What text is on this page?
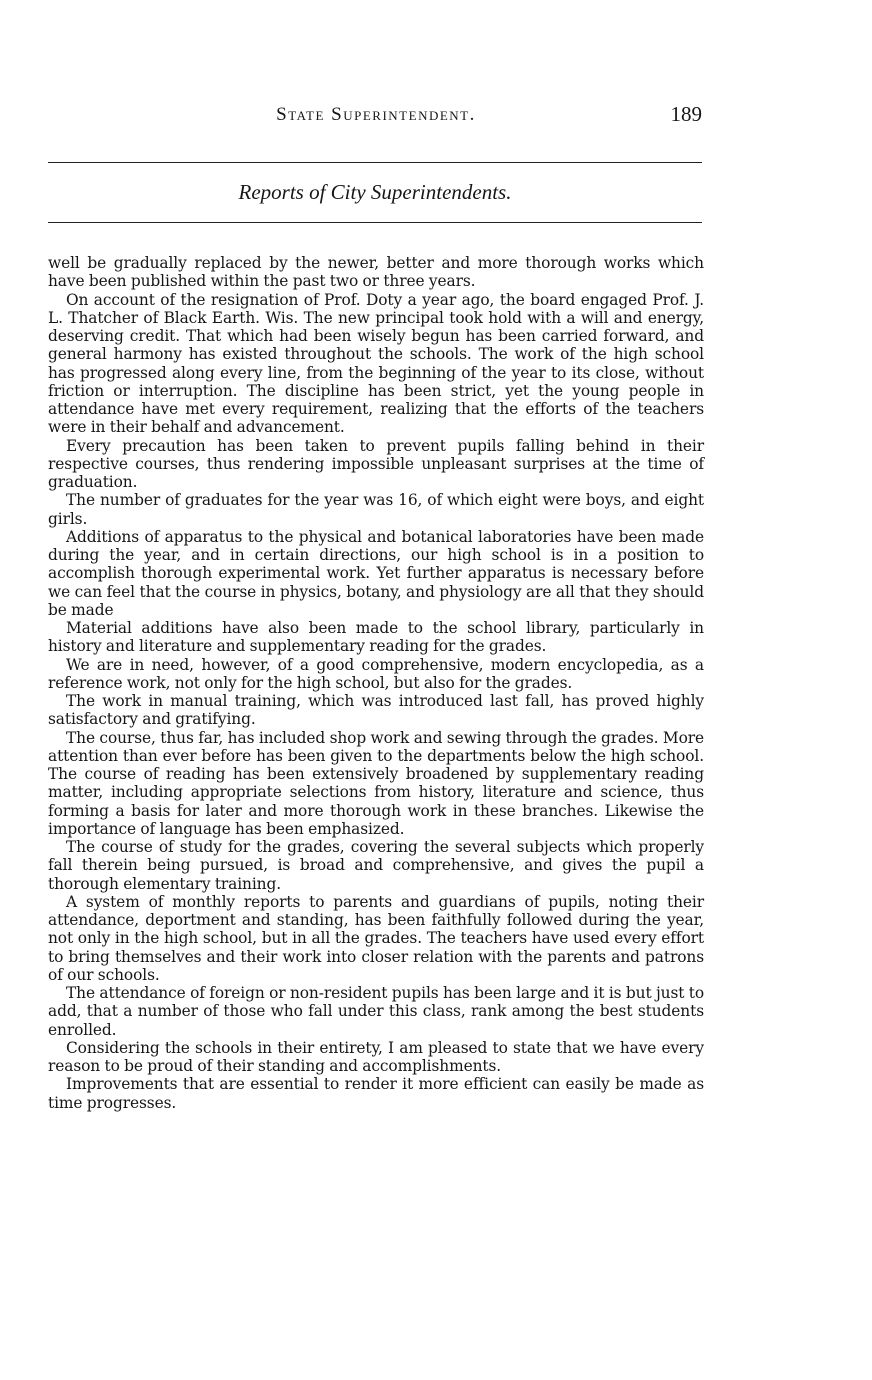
State Superintendent.	189
Reports of City Superintendents.

well be gradually replaced by the newer, better and more thorough works which have been published within the past two or three years.

On account of the resignation of Prof. Doty a year ago, the board engaged Prof. J. L. Thatcher of Black Earth. Wis. The new principal took hold with a will and energy, deserving credit. That which had been wisely begun has been carried forward, and general harmony has existed throughout the schools. The work of the high school has progressed along every line, from the beginning of the year to its close, without friction or interruption. The discipline has been strict, yet the young people in attendance have met every requirement, realizing that the efforts of the teachers were in their behalf and advancement.

Every precaution has been taken to prevent pupils falling behind in their respective courses, thus rendering impossible unpleasant surprises at the time of graduation.

The number of graduates for the year was 16, of which eight were boys, and eight girls.

Additions of apparatus to the physical and botanical laboratories have been made during the year, and in certain directions, our high school is in a position to accomplish thorough experimental work. Yet further apparatus is necessary before we can feel that the course in physics, botany, and physiology are all that they should be made

Material additions have also been made to the school library, particularly in history and literature and supplementary reading for the grades.

We are in need, however, of a good comprehensive, modern encyclopedia, as a reference work, not only for the high school, but also for the grades.

The work in manual training, which was introduced last fall, has proved highly satisfactory and gratifying.

The course, thus far, has included shop work and sewing through the grades. More attention than ever before has been given to the departments below the high school. The course of reading has been extensively broadened by supplementary reading matter, including appropriate selections from history, literature and science, thus forming a basis for later and more thorough work in these branches. Likewise the importance of language has been emphasized.

The course of study for the grades, covering the several subjects which properly fall therein being pursued, is broad and comprehensive, and gives the pupil a thorough elementary training.

A system of monthly reports to parents and guardians of pupils, noting their attendance, deportment and standing, has been faithfully followed during the year, not only in the high school, but in all the grades. The teachers have used every effort to bring themselves and their work into closer relation with the parents and patrons of our schools.

The attendance of foreign or non-resident pupils has been large and it is but just to add, that a number of those who fall under this class, rank among the best students enrolled.

Considering the schools in their entirety, I am pleased to state that we have every reason to be proud of their standing and accomplishments.

Improvements that are essential to render it more efficient can easily be made as time progresses.
